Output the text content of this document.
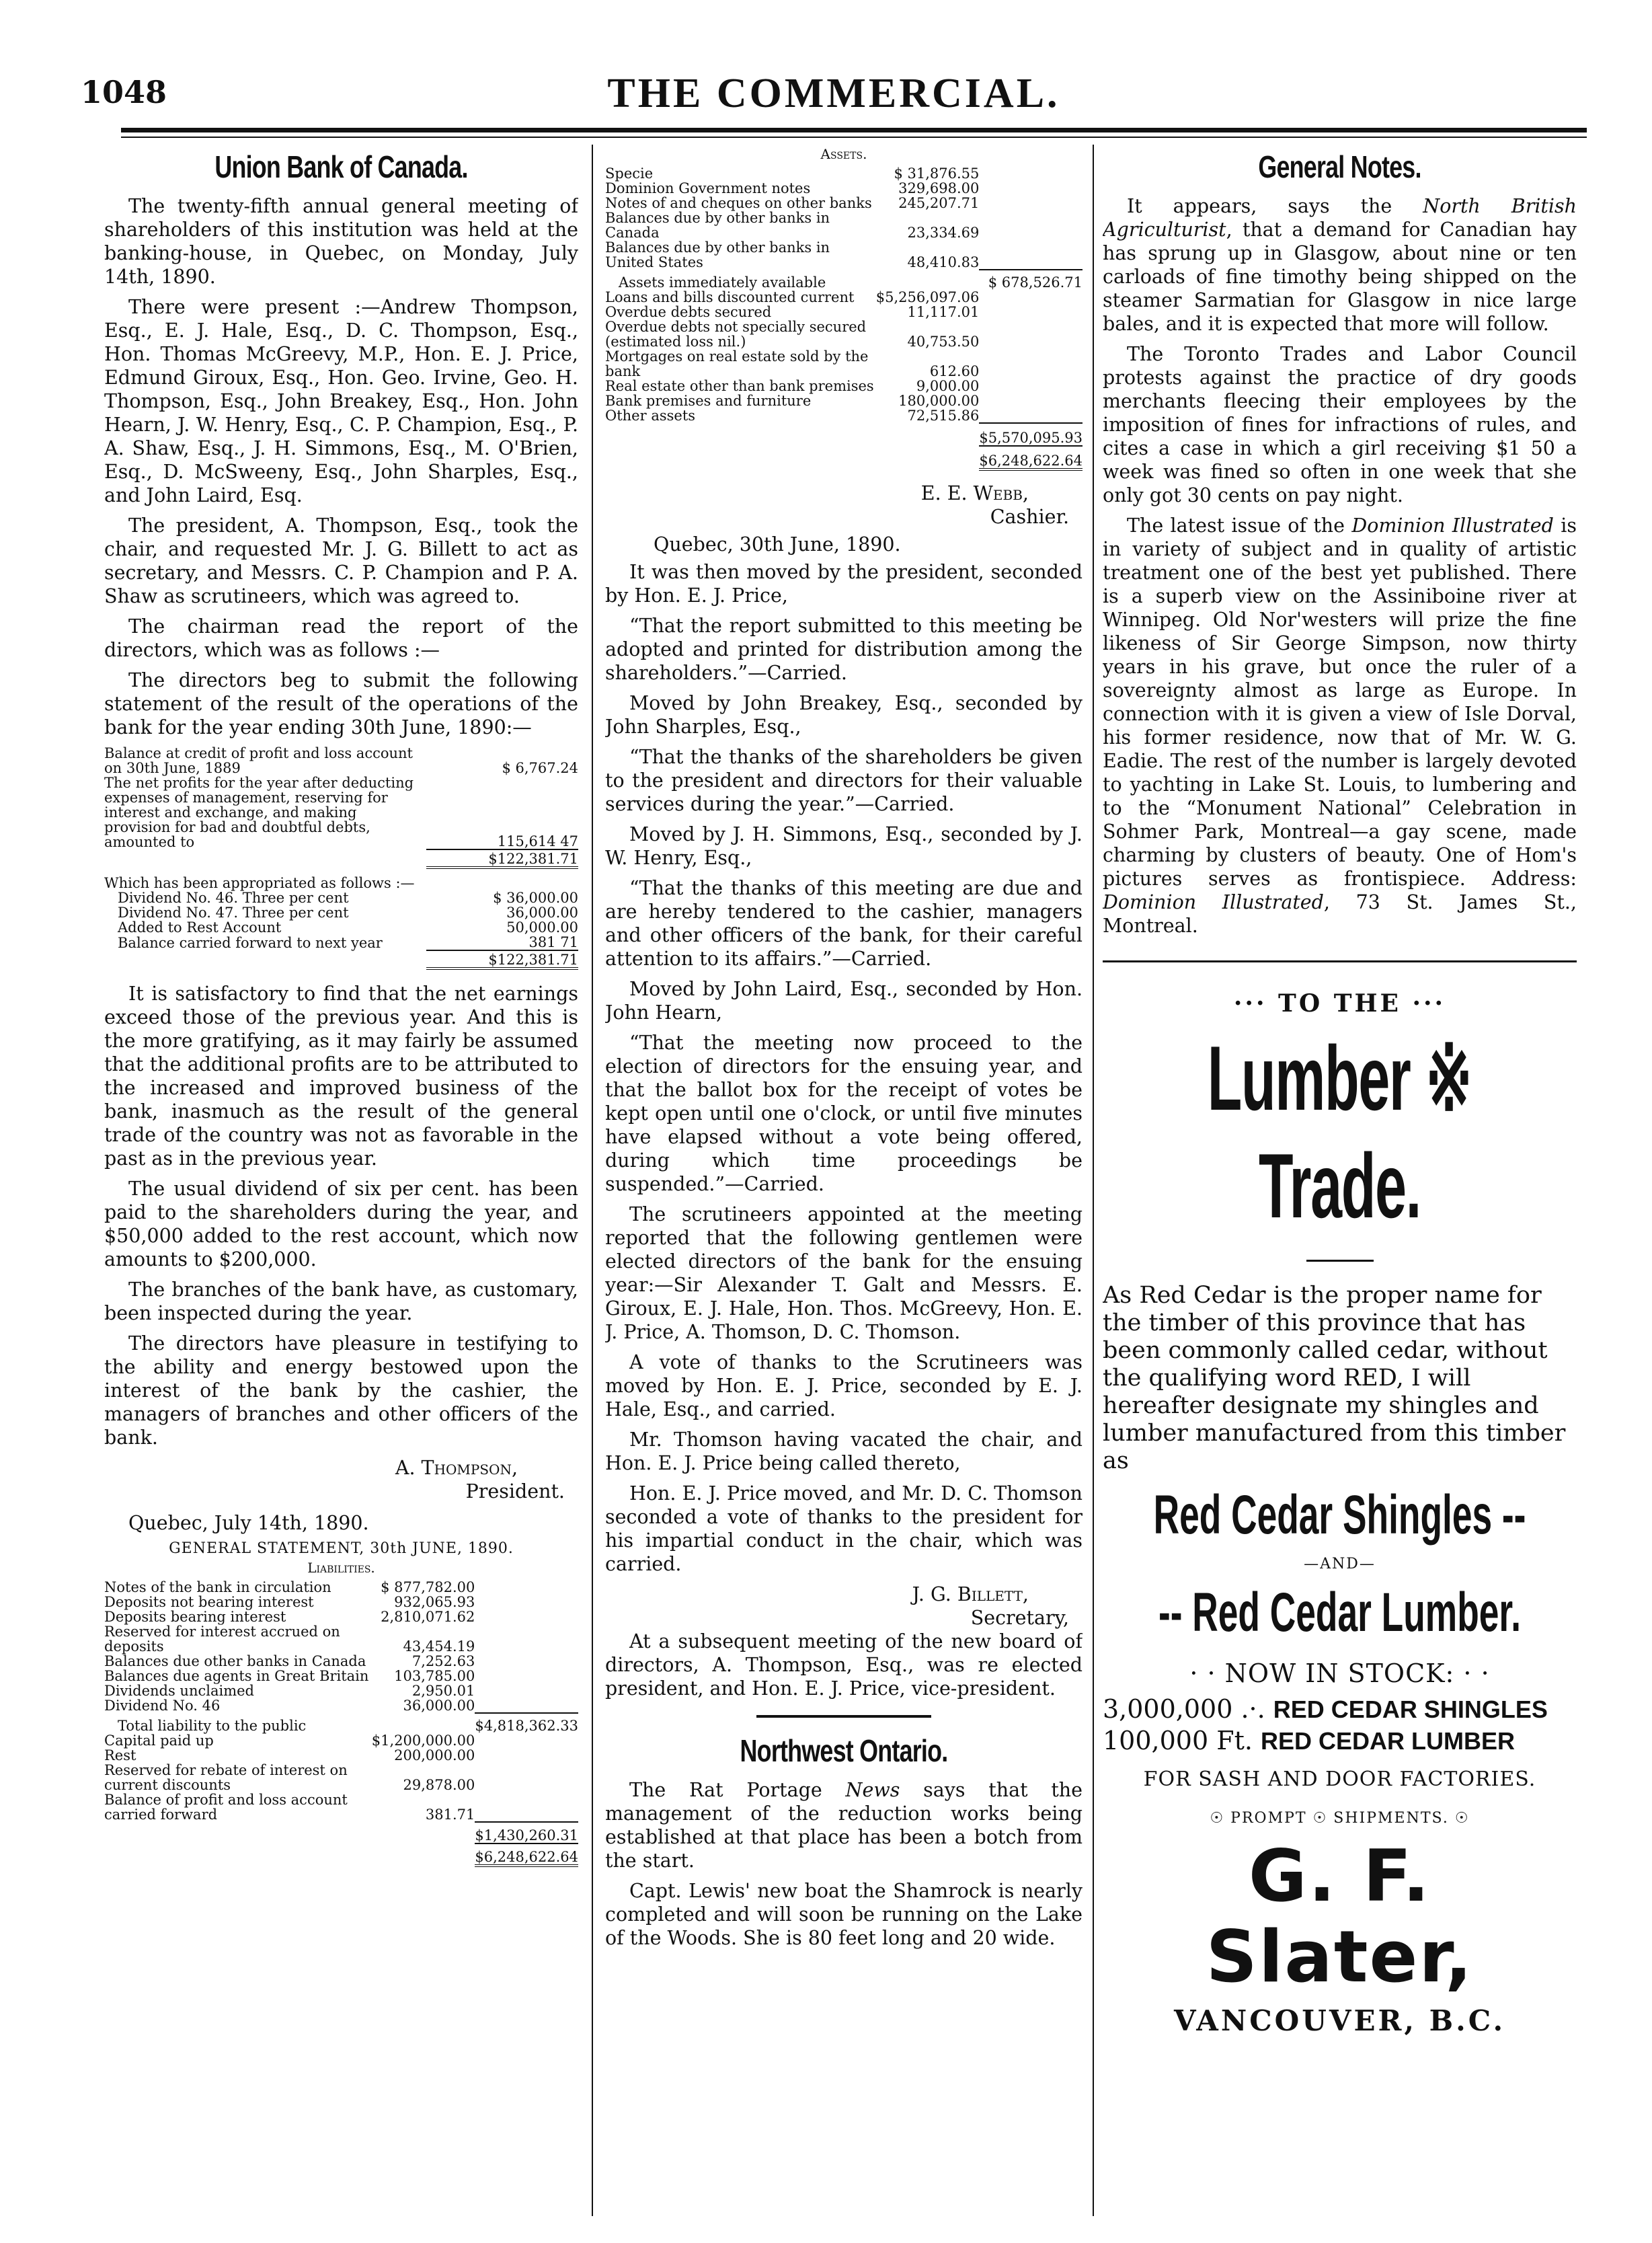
1048	THE COMMERCIAL.
Union Bank of Canada.

The twenty-fifth annual general meeting of shareholders of this institution was held at the banking-house, in Quebec, on Monday, July 14th, 1890.

There were present :—Andrew Thompson, Esq., E. J. Hale, Esq., D. C. Thompson, Esq., Hon. Thomas McGreevy, M.P., Hon. E. J. Price, Edmund Giroux, Esq., Hon. Geo. Irvine, Geo. H. Thompson, Esq., John Breakey, Esq., Hon. John Hearn, J. W. Henry, Esq., C. P. Champion, Esq., P. A. Shaw, Esq., J. H. Simmons, Esq., M. O'Brien, Esq., D. McSweeny, Esq., John Sharples, Esq., and John Laird, Esq.

The president, A. Thompson, Esq., took the chair, and requested Mr. J. G. Billett to act as secretary, and Messrs. C. P. Champion and P. A. Shaw as scrutineers, which was agreed to.

The chairman read the report of the directors, which was as follows :—

The directors beg to submit the following statement of the result of the operations of the bank for the year ending 30th June, 1890:—

Balance at credit of profit and loss account on 30th June, 1889	$ 6,767.24
The net profits for the year after deducting expenses of management, reserving for interest and exchange, and making provision for bad and doubtful debts, amounted to	115,614 47
	$122,381.71
Which has been appropriated as follows :—	
Dividend No. 46. Three per cent	$ 36,000.00
Dividend No. 47. Three per cent	36,000.00
Added to Rest Account	50,000.00
Balance carried forward to next year	381 71
	$122,381.71

It is satisfactory to find that the net earnings exceed those of the previous year. And this is the more gratifying, as it may fairly be assumed that the additional profits are to be attributed to the increased and improved business of the bank, inasmuch as the result of the general trade of the country was not as favorable in the past as in the previous year.

The usual dividend of six per cent. has been paid to the shareholders during the year, and $50,000 added to the rest account, which now amounts to $200,000.

The branches of the bank have, as customary, been inspected during the year.

The directors have pleasure in testifying to the ability and energy bestowed upon the interest of the bank by the cashier, the managers of branches and other officers of the bank.

A. Thompson,

President.

Quebec, July 14th, 1890.

GENERAL STATEMENT, 30th JUNE, 1890.
Liabilities.
Notes of the bank in circulation	$ 877,782.00	
Deposits not bearing interest	932,065.93	
Deposits bearing interest	2,810,071.62	
Reserved for interest accrued on deposits	43,454.19	
Balances due other banks in Canada	7,252.63	
Balances due agents in Great Britain	103,785.00	
Dividends unclaimed	2,950.01	
Dividend No. 46	36,000.00	
Total liability to the public		$4,818,362.33
Capital paid up	$1,200,000.00	
Rest	200,000.00	
Reserved for rebate of interest on current discounts	29,878.00	
Balance of profit and loss account carried forward	381.71	
		$1,430,260.31
		$6,248,622.64
Assets.
Specie	$ 31,876.55	
Dominion Government notes	329,698.00	
Notes of and cheques on other banks	245,207.71	
Balances due by other banks in Canada	23,334.69	
Balances due by other banks in United States	48,410.83	
Assets immediately available		$ 678,526.71
Loans and bills discounted current	$5,256,097.06	
Overdue debts secured	11,117.01	
Overdue debts not specially secured (estimated loss nil.)	40,753.50	
Mortgages on real estate sold by the bank	612.60	
Real estate other than bank premises	9,000.00	
Bank premises and furniture	180,000.00	
Other assets	72,515.86	
		$5,570,095.93
		$6,248,622.64

E. E. Webb,

Cashier.

Quebec, 30th June, 1890.

It was then moved by the president, seconded by Hon. E. J. Price,

“That the report submitted to this meeting be adopted and printed for distribution among the shareholders.”—Carried.

Moved by John Breakey, Esq., seconded by John Sharples, Esq.,

“That the thanks of the shareholders be given to the president and directors for their valuable services during the year.”—Carried.

Moved by J. H. Simmons, Esq., seconded by J. W. Henry, Esq.,

“That the thanks of this meeting are due and are hereby tendered to the cashier, managers and other officers of the bank, for their careful attention to its affairs.”—Carried.

Moved by John Laird, Esq., seconded by Hon. John Hearn,

“That the meeting now proceed to the election of directors for the ensuing year, and that the ballot box for the receipt of votes be kept open until one o'clock, or until five minutes have elapsed without a vote being offered, during which time proceedings be suspended.”—Carried.

The scrutineers appointed at the meeting reported that the following gentlemen were elected directors of the bank for the ensuing year:—Sir Alexander T. Galt and Messrs. E. Giroux, E. J. Hale, Hon. Thos. McGreevy, Hon. E. J. Price, A. Thomson, D. C. Thomson.

A vote of thanks to the Scrutineers was moved by Hon. E. J. Price, seconded by E. J. Hale, Esq., and carried.

Mr. Thomson having vacated the chair, and Hon. E. J. Price being called thereto,

Hon. E. J. Price moved, and Mr. D. C. Thomson seconded a vote of thanks to the president for his impartial conduct in the chair, which was carried.

J. G. Billett,

Secretary,

At a subsequent meeting of the new board of directors, A. Thompson, Esq., was re elected president, and Hon. E. J. Price, vice-president.

Northwest Ontario.

The Rat Portage News says that the management of the reduction works being established at that place has been a botch from the start.

Capt. Lewis' new boat the Shamrock is nearly completed and will soon be running on the Lake of the Woods. She is 80 feet long and 20 wide.

General Notes.

It appears, says the North British Agriculturist, that a demand for Canadian hay has sprung up in Glasgow, about nine or ten carloads of fine timothy being shipped on the steamer Sarmatian for Glasgow in nice large bales, and it is expected that more will follow.

The Toronto Trades and Labor Council protests against the practice of dry goods merchants fleecing their employees by the imposition of fines for infractions of rules, and cites a case in which a girl receiving $1 50 a week was fined so often in one week that she only got 30 cents on pay night.

The latest issue of the Dominion Illustrated is in variety of subject and in quality of artistic treatment one of the best yet published. There is a superb view on the Assiniboine river at Winnipeg. Old Nor'westers will prize the fine likeness of Sir George Simpson, now thirty years in his grave, but once the ruler of a sovereignty almost as large as Europe. In connection with it is given a view of Isle Dorval, his former residence, now that of Mr. W. G. Eadie. The rest of the number is largely devoted to yachting in Lake St. Louis, to lumbering and to the “Monument National” Celebration in Sohmer Park, Montreal—a gay scene, made charming by clusters of beauty. One of Hom's pictures serves as frontispiece. Address: Dominion Illustrated, 73 St. James St., Montreal.

··· TO THE ···
Lumber ※ Trade.
As Red Cedar is the proper name for the timber of this province that has been commonly called cedar, without the qualifying word RED, I will hereafter designate my shingles and lumber manufactured from this timber as
Red Cedar Shingles --
—AND—
-- Red Cedar Lumber.
· · NOW IN STOCK: · ·
3,000,000 .·. RED CEDAR SHINGLES
100,000 Ft. RED CEDAR LUMBER
FOR SASH AND DOOR FACTORIES.
☉ PROMPT ☉ SHIPMENTS. ☉
G. F. Slater,
VANCOUVER, B.C.
